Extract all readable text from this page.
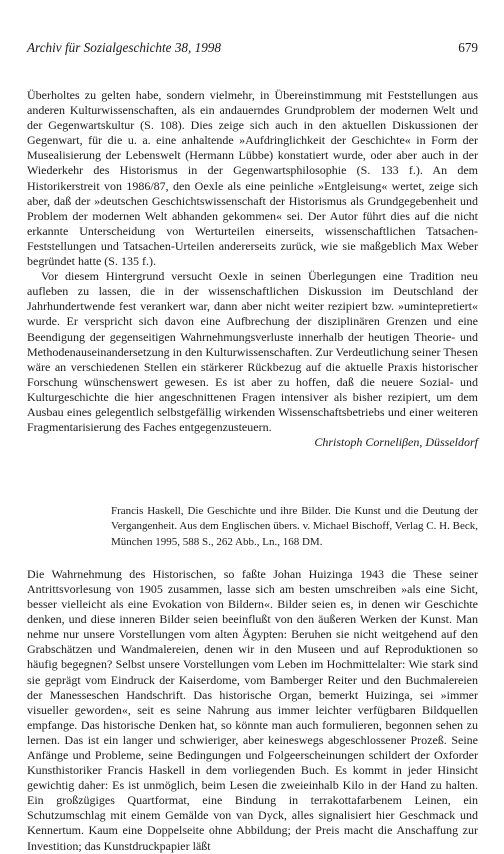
Archiv für Sozialgeschichte 38, 1998	679

Überholtes zu gelten habe, sondern vielmehr, in Übereinstimmung mit Feststellungen aus anderen Kulturwissenschaften, als ein andauerndes Grundproblem der modernen Welt und der Gegenwartskultur (S. 108). Dies zeige sich auch in den aktuellen Diskussionen der Gegenwart, für die u. a. eine anhaltende »Aufdringlichkeit der Geschichte« in Form der Musealisierung der Lebenswelt (Hermann Lübbe) konstatiert wurde, oder aber auch in der Wiederkehr des Historismus in der Gegenwartsphilosophie (S. 133 f.). An dem Historikerstreit von 1986/87, den Oexle als eine peinliche »Entgleisung« wertet, zeige sich aber, daß der »deutschen Geschichtswissenschaft der Historismus als Grundgegebenheit und Problem der modernen Welt abhanden gekommen« sei. Der Autor führt dies auf die nicht erkannte Unterscheidung von Werturteilen einerseits, wissenschaftlichen Tatsachen-Feststellungen und Tatsachen-Urteilen andererseits zurück, wie sie maßgeblich Max Weber begründet hatte (S. 135 f.).

Vor diesem Hintergrund versucht Oexle in seinen Überlegungen eine Tradition neu aufleben zu lassen, die in der wissenschaftlichen Diskussion im Deutschland der Jahrhundertwende fest verankert war, dann aber nicht weiter rezipiert bzw. »umintepretiert« wurde. Er verspricht sich davon eine Aufbrechung der disziplinären Grenzen und eine Beendigung der gegenseitigen Wahrnehmungsverluste innerhalb der heutigen Theorie- und Methodenauseinandersetzung in den Kulturwissenschaften. Zur Verdeutlichung seiner Thesen wäre an verschiedenen Stellen ein stärkerer Rückbezug auf die aktuelle Praxis historischer Forschung wünschenswert gewesen. Es ist aber zu hoffen, daß die neuere Sozial- und Kulturgeschichte die hier angeschnittenen Fragen intensiver als bisher rezipiert, um dem Ausbau eines gelegentlich selbstgefällig wirkenden Wissenschaftsbetriebs und einer weiteren Fragmentarisierung des Faches entgegenzusteuern.

Christoph Corneliβen, Düsseldorf

Francis Haskell, Die Geschichte und ihre Bilder. Die Kunst und die Deutung der Vergangenheit. Aus dem Englischen übers. v. Michael Bischoff, Verlag C. H. Beck, München 1995, 588 S., 262 Abb., Ln., 168 DM.

Die Wahrnehmung des Historischen, so faßte Johan Huizinga 1943 die These seiner Antrittsvorlesung von 1905 zusammen, lasse sich am besten umschreiben »als eine Sicht, besser vielleicht als eine Evokation von Bildern«. Bilder seien es, in denen wir Geschichte denken, und diese inneren Bilder seien beeinflußt von den äußeren Werken der Kunst. Man nehme nur unsere Vorstellungen vom alten Ägypten: Beruhen sie nicht weitgehend auf den Grabschätzen und Wandmalereien, denen wir in den Museen und auf Reproduktionen so häufig begegnen? Selbst unsere Vorstellungen vom Leben im Hochmittelalter: Wie stark sind sie geprägt vom Eindruck der Kaiserdome, vom Bamberger Reiter und den Buchmalereien der Manesseschen Handschrift. Das historische Organ, bemerkt Huizinga, sei »immer visueller geworden«, seit es seine Nahrung aus immer leichter verfügbaren Bildquellen empfange. Das historische Denken hat, so könnte man auch formulieren, begonnen sehen zu lernen. Das ist ein langer und schwieriger, aber keineswegs abgeschlossener Prozeß. Seine Anfänge und Probleme, seine Bedingungen und Folgeerscheinungen schildert der Oxforder Kunsthistoriker Francis Haskell in dem vorliegenden Buch. Es kommt in jeder Hinsicht gewichtig daher: Es ist unmöglich, beim Lesen die zweieinhalb Kilo in der Hand zu halten. Ein großzügiges Quartformat, eine Bindung in terrakottafarbenem Leinen, ein Schutzumschlag mit einem Gemälde von van Dyck, alles signalisiert hier Geschmack und Kennertum. Kaum eine Doppelseite ohne Abbildung; der Preis macht die Anschaffung zur Investition; das Kunstdruckpapier läßt
